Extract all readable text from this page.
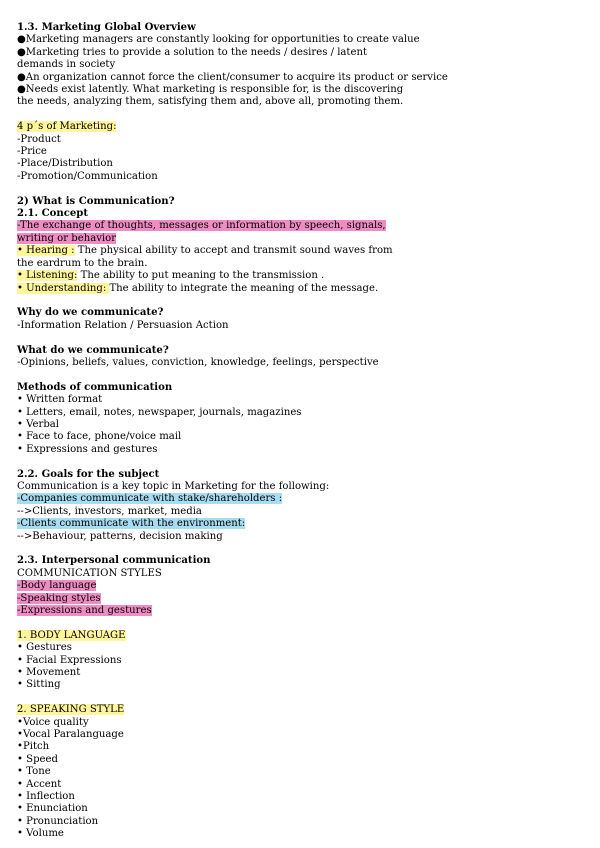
1.3. Marketing Global Overview
●Marketing managers are constantly looking for opportunities to create value
●Marketing tries to provide a solution to the needs / desires / latent demands in society
●An organization cannot force the client/consumer to acquire its product or service
●Needs exist latently. What marketing is responsible for, is the discovering the needs, analyzing them, satisfying them and, above all, promoting them.
4 p´s of Marketing:
-Product
-Price
-Place/Distribution
-Promotion/Communication
2) What is Communication?
2.1. Concept
-The exchange of thoughts, messages or information by speech, signals, writing or behavior
• Hearing : The physical ability to accept and transmit sound waves from the eardrum to the brain.
• Listening: The ability to put meaning to the transmission .
• Understanding: The ability to integrate the meaning of the message.
Why do we communicate?
-Information Relation / Persuasion Action
What do we communicate?
-Opinions, beliefs, values, conviction, knowledge, feelings, perspective
Methods of communication
• Written format
• Letters, email, notes, newspaper, journals, magazines
• Verbal
• Face to face, phone/voice mail
• Expressions and gestures
2.2. Goals for the subject
Communication is a key topic in Marketing for the following:
-Companies communicate with stake/shareholders :
-->Clients, investors, market, media
-Clients communicate with the environment:
-->Behaviour, patterns, decision making
2.3. Interpersonal communication
COMMUNICATION STYLES
-Body language
-Speaking styles
-Expressions and gestures
1. BODY LANGUAGE
• Gestures
• Facial Expressions
• Movement
• Sitting
2. SPEAKING STYLE
•Voice quality
•Vocal Paralanguage
•Pitch
• Speed
• Tone
• Accent
• Inflection
• Enunciation
• Pronunciation
• Volume
